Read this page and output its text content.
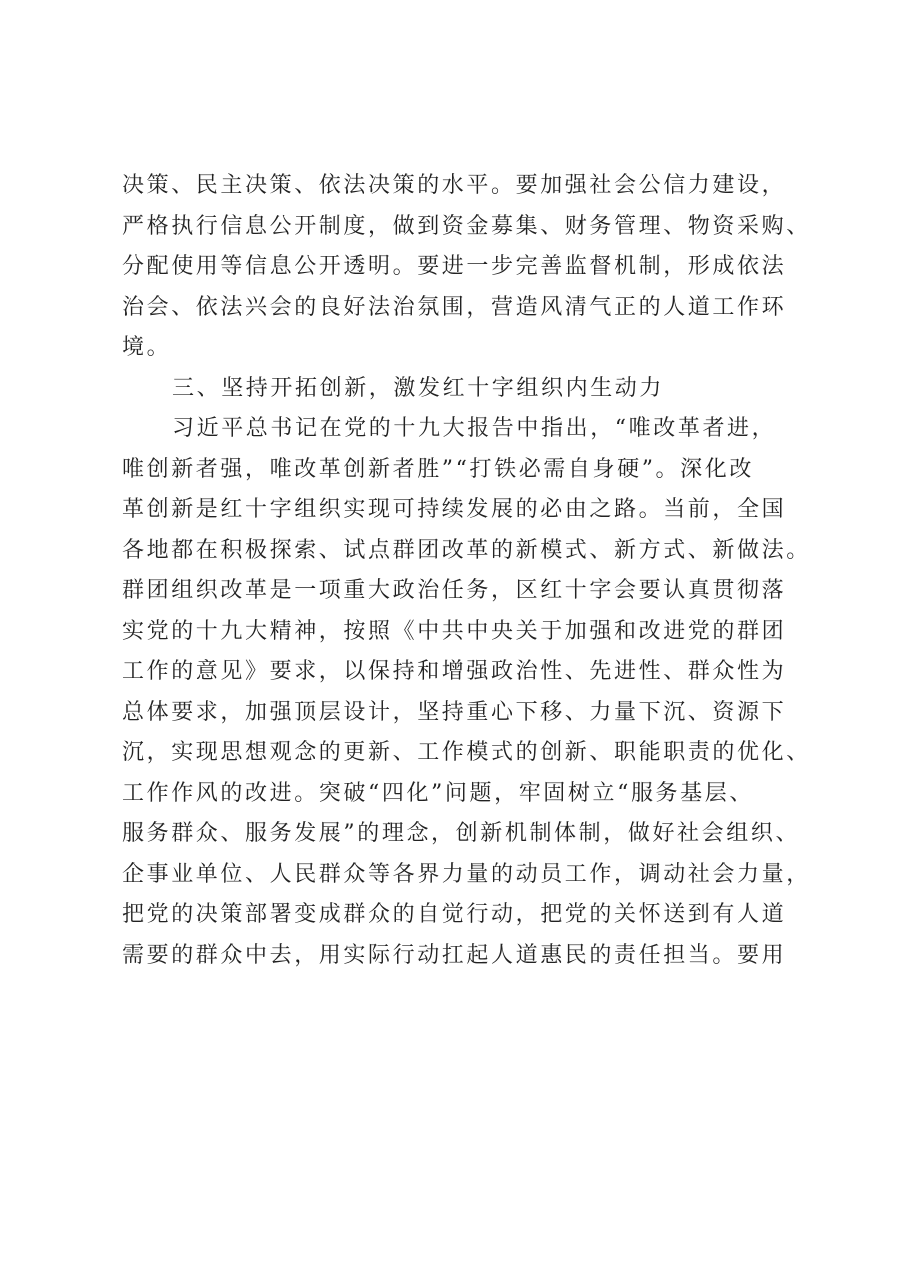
决策、民主决策、依法决策的水平。要加强社会公信力建设，
严格执行信息公开制度，做到资金募集、财务管理、物资采购、
分配使用等信息公开透明。要进一步完善监督机制，形成依法
治会、依法兴会的良好法治氛围，营造风清气正的人道工作环
境。
三、坚持开拓创新，激发红十字组织内生动力
习近平总书记在党的十九大报告中指出，“唯改革者进，
唯创新者强，唯改革创新者胜”“打铁必需自身硬”。深化改
革创新是红十字组织实现可持续发展的必由之路。当前，全国
各地都在积极探索、试点群团改革的新模式、新方式、新做法。
群团组织改革是一项重大政治任务，区红十字会要认真贯彻落
实党的十九大精神，按照《中共中央关于加强和改进党的群团
工作的意见》要求，以保持和增强政治性、先进性、群众性为
总体要求，加强顶层设计，坚持重心下移、力量下沉、资源下
沉，实现思想观念的更新、工作模式的创新、职能职责的优化、
工作作风的改进。突破“四化”问题，牢固树立“服务基层、
服务群众、服务发展”的理念，创新机制体制，做好社会组织、
企事业单位、人民群众等各界力量的动员工作，调动社会力量，
把党的决策部署变成群众的自觉行动，把党的关怀送到有人道
需要的群众中去，用实际行动扛起人道惠民的责任担当。要用
